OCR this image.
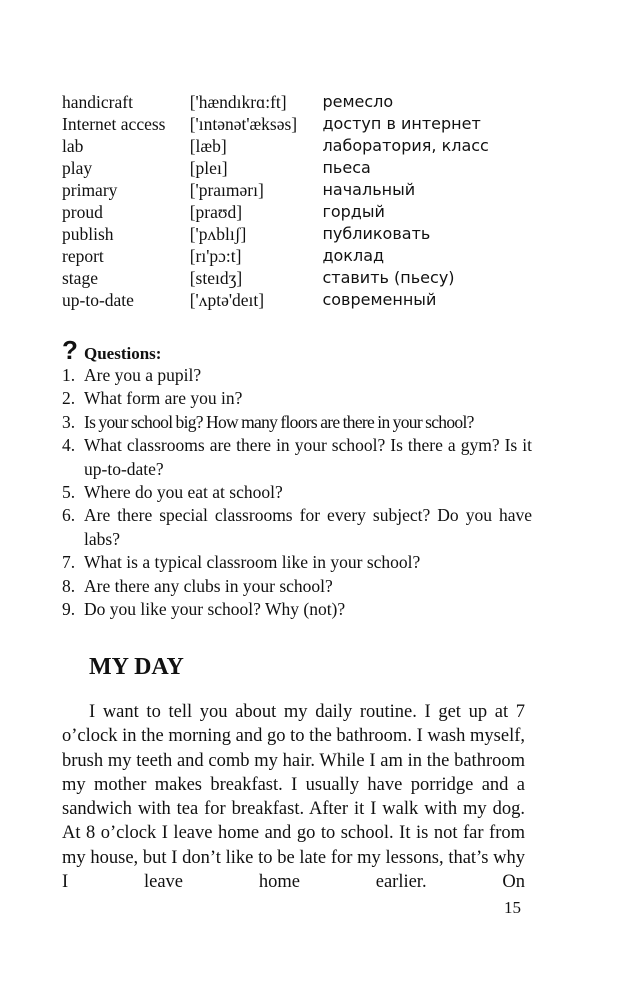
handicraft	['hændıkrɑ:ft]	ремесло
Internet access	['ıntənət'æksəs]	доступ в интернет
lab	[læb]	лаборатория, класс
play	[pleı]	пьеса
primary	['praımərı]	начальный
proud	[praʊd]	гордый
publish	['pʌblıʃ]	публиковать
report	[rı'pɔ:t]	доклад
stage	[steıdʒ]	ставить (пьесу)
up-to-date	['ʌptə'deıt]	современный
? Questions:
1. Are you a pupil?
2. What form are you in?
3. Is your school big? How many floors are there in your school?
4. What classrooms are there in your school? Is there a gym? Is it up-to-date?
5. Where do you eat at school?
6. Are there special classrooms for every subject? Do you have labs?
7. What is a typical classroom like in your school?
8. Are there any clubs in your school?
9. Do you like your school? Why (not)?
MY DAY
I want to tell you about my daily routine. I get up at 7 o’clock in the morning and go to the bathroom. I wash myself, brush my teeth and comb my hair. While I am in the bathroom my mother makes breakfast. I usually have porridge and a sandwich with tea for breakfast. After it I walk with my dog. At 8 o’clock I leave home and go to school. It is not far from my house, but I don’t like to be late for my lessons, that’s why I leave home earlier. On
15
